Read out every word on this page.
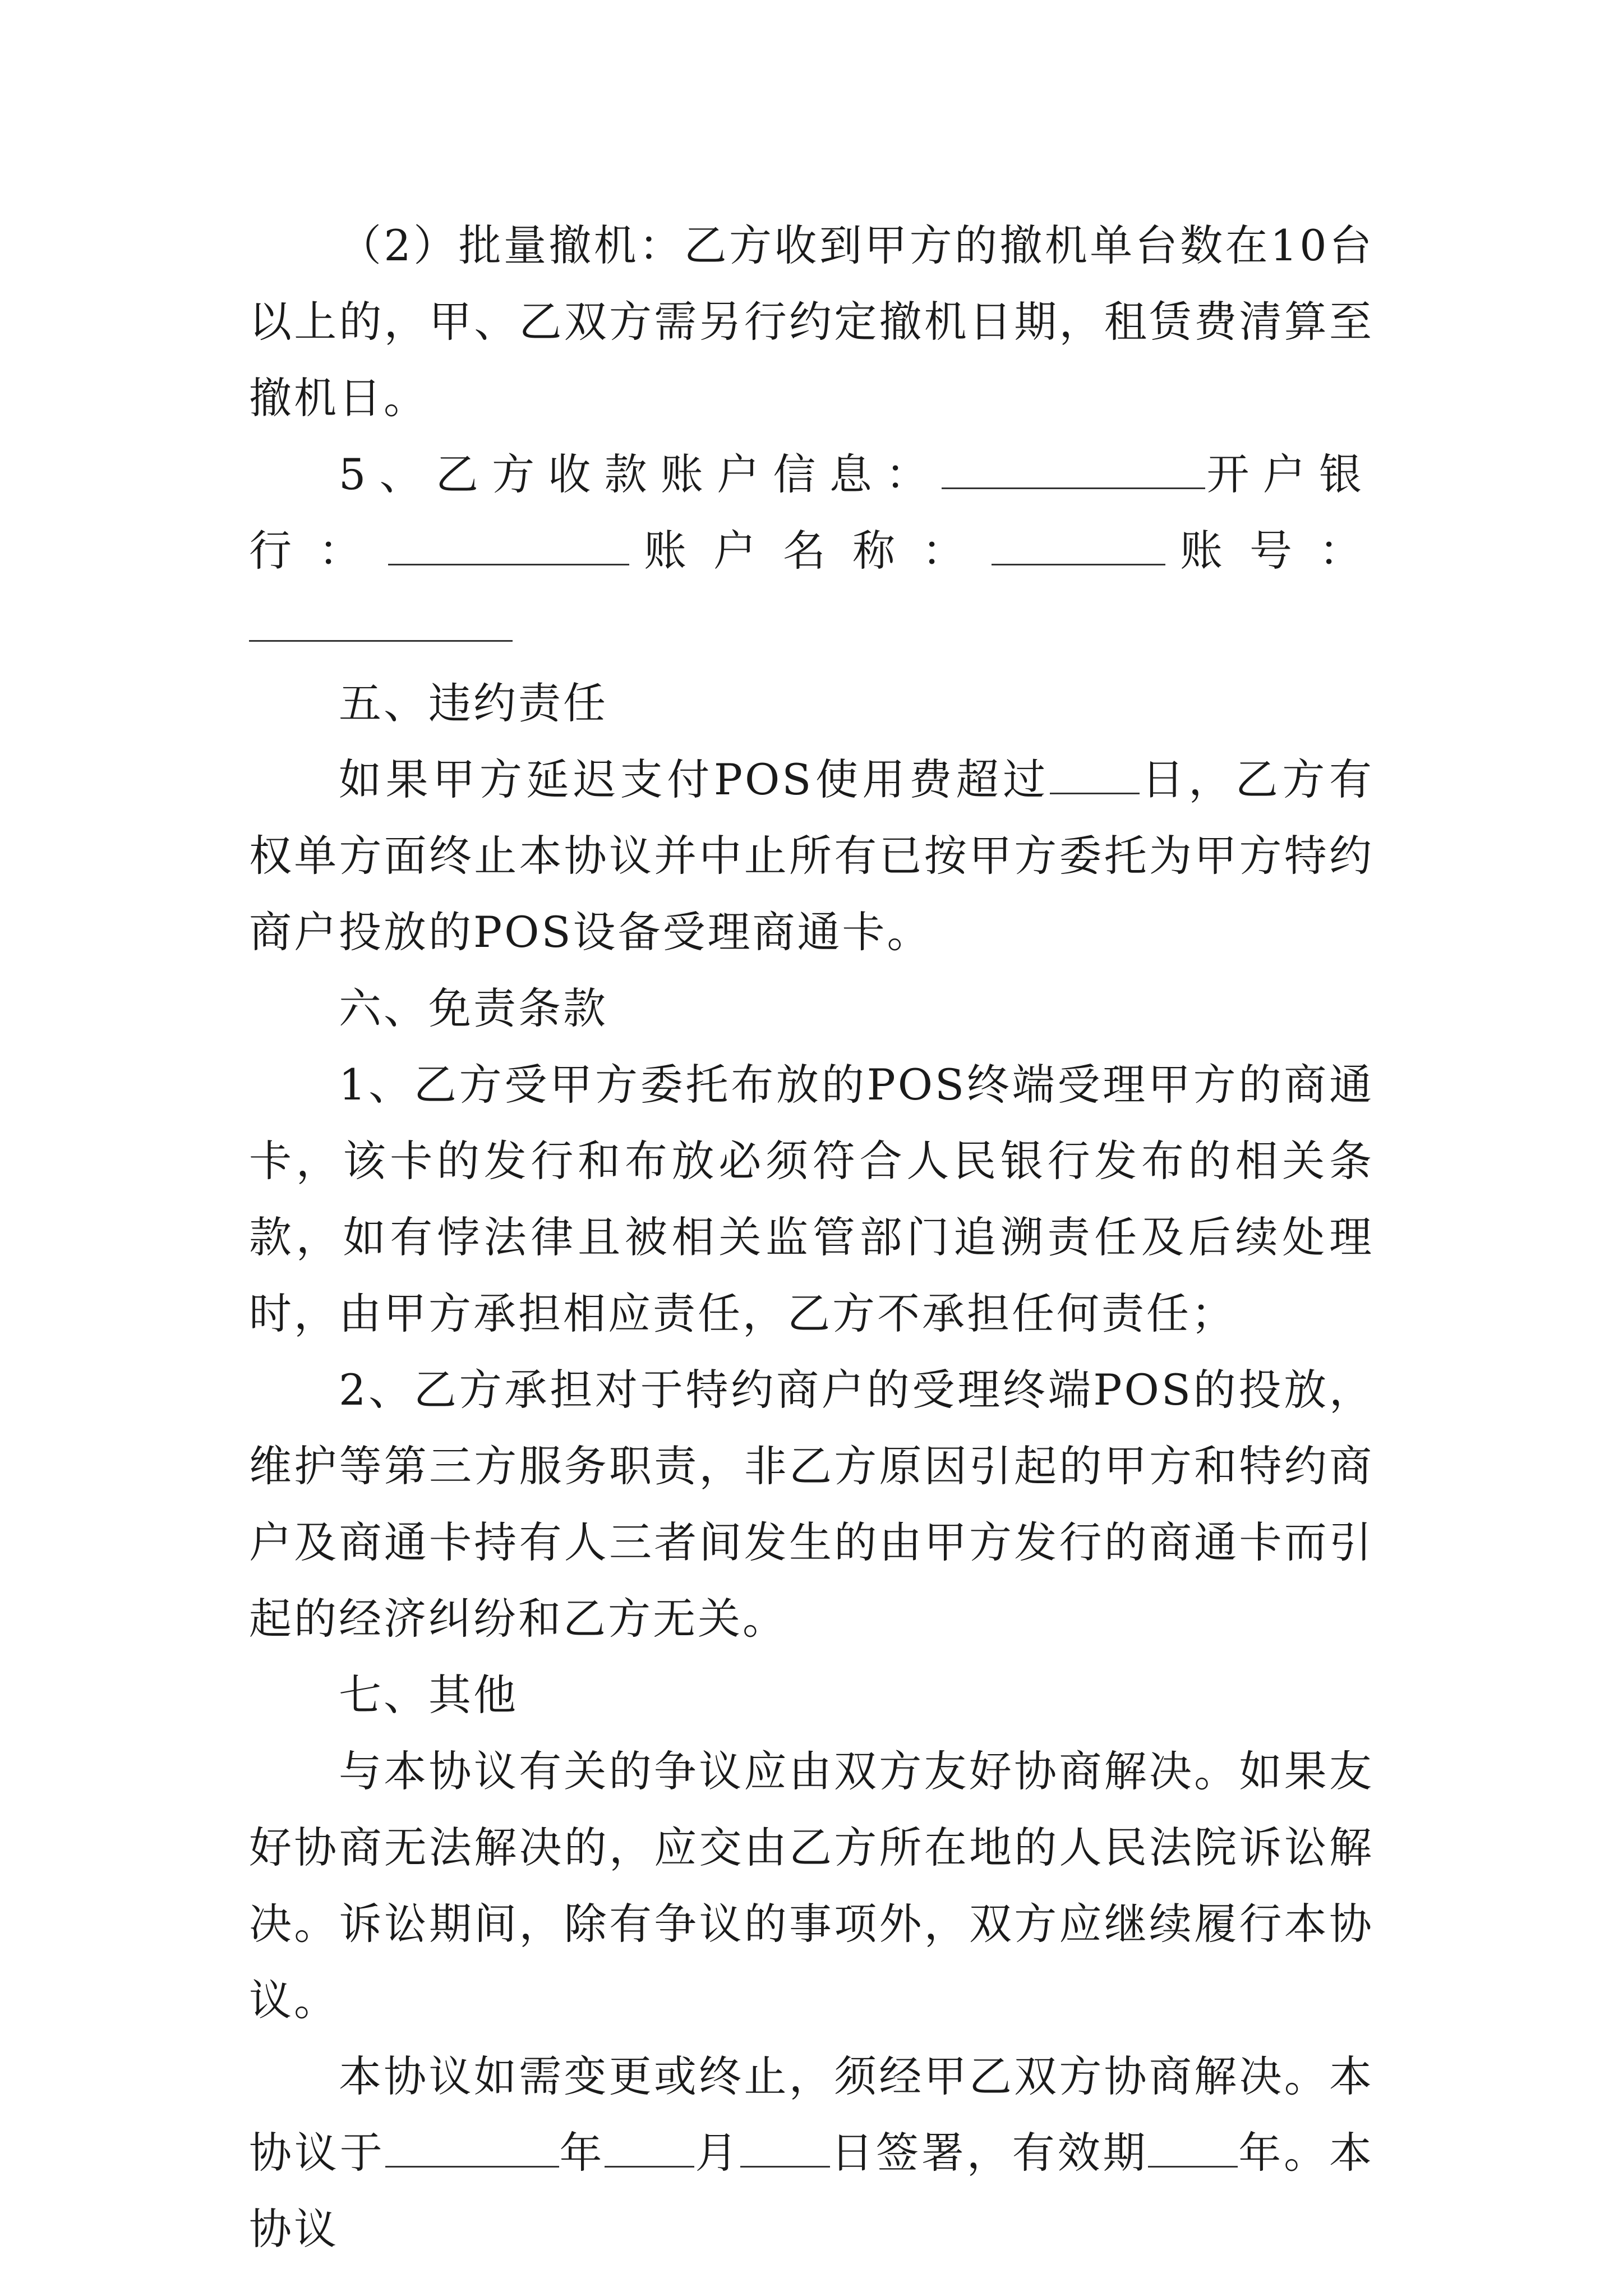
（2）批量撤机：乙方收到甲方的撤机单台数在10台以上的，甲、乙双方需另行约定撤机日期，租赁费清算至撤机日。

5、乙方收款账户信息：	开户银行：	账户名称：	账号：

五、违约责任

如果甲方延迟支付POS使用费超过 日，乙方有权单方面终止本协议并中止所有已按甲方委托为甲方特约商户投放的POS设备受理商通卡。

六、免责条款

1、乙方受甲方委托布放的POS终端受理甲方的商通卡，该卡的发行和布放必须符合人民银行发布的相关条款，如有悖法律且被相关监管部门追溯责任及后续处理时，由甲方承担相应责任，乙方不承担任何责任；

2、乙方承担对于特约商户的受理终端POS的投放，维护等第三方服务职责，非乙方原因引起的甲方和特约商户及商通卡持有人三者间发生的由甲方发行的商通卡而引起的经济纠纷和乙方无关。

七、其他

与本协议有关的争议应由双方友好协商解决。如果友好协商无法解决的，应交由乙方所在地的人民法院诉讼解决。诉讼期间，除有争议的事项外，双方应继续履行本协议。

本协议如需变更或终止，须经甲乙双方协商解决。本协议于	年 月 日签署，有效期 年。本协议
